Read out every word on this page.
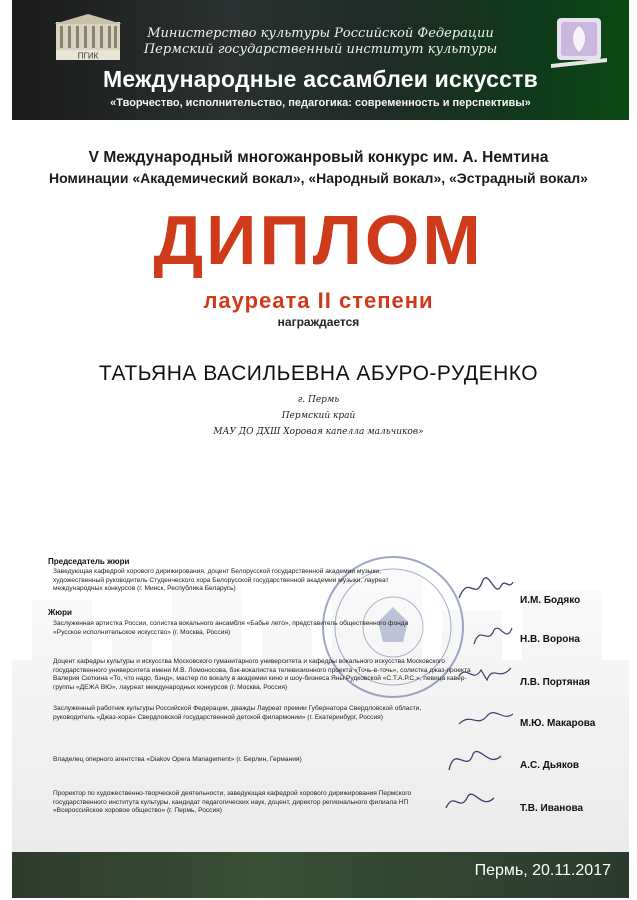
ПГИК
Министерство культуры Российской Федерации
Пермский государственный институт культуры
Международные ассамблеи искусств
«Творчество, исполнительство, педагогика: современность и перспективы»
V Международный многожанровый конкурс им. А. Немтина
Номинации «Академический вокал», «Народный вокал», «Эстрадный вокал»
ДИПЛОМ
лауреата II степени
награждается
ТАТЬЯНА ВАСИЛЬЕВНА АБУРО-РУДЕНКО
г. Пермь
Пермский край
МАУ ДО ДХШ Хоровая капелла мальчиков»
Председатель жюри
Заведующая кафедрой хорового дирижирования, доцент Белорусской государственной академии музыки, художественный руководитель Студенческого хора Белорусской государственной академии музыки, лауреат международных конкурсов (г. Минск, Республика Беларусь)
И.М. Бодяко
Жюри
Заслуженная артистка России, солистка вокального ансамбля «Бабье лето», представитель общественного фонда «Русское исполнительское искусство» (г. Москва, Россия)
Н.В. Ворона
Доцент кафедры культуры и искусства Московского гуманитарного университета и кафедры вокального искусства Московского государственного университета имени М.В. Ломоносова, бэк-вокалистка телевизионного проекта «Точь-в-точь», солистка джаз-проекта Валерия Сюткина «То, что надо, бэнд», мастер по вокалу в академии кино и шоу-бизнеса Яны Рудковской «С.Т.А.Р.С.», певица кавер-группы «ДЕЖА ВЮ», лауреат международных конкурсов (г. Москва, Россия)	Л.В. Портяная
Заслуженный работник культуры Российской Федерации, дважды Лауреат премии Губернатора Свердловской области, руководитель «Джаз-хора» Свердловской государственной детской филармонии» (г. Екатеринбург, Россия)
М.Ю. Макарова
Владелец оперного агентства «Diakov Opera Management» (г. Берлин, Германия)
А.С. Дьяков
Проректор по художественно-творческой деятельности, заведующая кафедрой хорового дирижирования Пермского государственного института культуры, кандидат педагогических наук, доцент, директор регионального филиала НП «Всероссийское хоровое общество» (г. Пермь, Россия)	Т.В. Иванова
Пермь, 20.11.2017
